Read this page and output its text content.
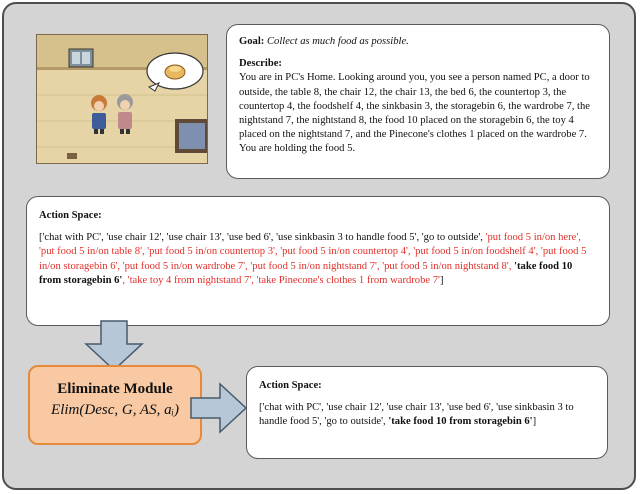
Goal: Collect as much food as possible.
Describe:
You are in PC's Home. Looking around you, you see a person named PC, a door to outside, the table 8, the chair 12, the chair 13, the bed 6, the countertop 3, the countertop 4, the foodshelf 4, the sinkbasin 3, the storagebin 6, the wardrobe 7, the nightstand 7, the nightstand 8, the food 10 placed on the storagebin 6, the toy 4 placed on the nightstand 7, and the Pinecone's clothes 1 placed on the wardrobe 7. You are holding the food 5.
Action Space:
['chat with PC', 'use chair 12', 'use chair 13', 'use bed 6', 'use sinkbasin 3 to handle food 5', 'go to outside', 'put food 5 in/on here', 'put food 5 in/on table 8', 'put food 5 in/on countertop 3', 'put food 5 in/on countertop 4', 'put food 5 in/on foodshelf 4', 'put food 5 in/on storagebin 6', 'put food 5 in/on wardrobe 7', 'put food 5 in/on nightstand 7', 'put food 5 in/on nightstand 8', 'take food 10 from storagebin 6', 'take toy 4 from nightstand 7', 'take Pinecone's clothes 1 from wardrobe 7']
Eliminate Module
Elim(Desc, G, AS, aᵢ)
Action Space:
['chat with PC', 'use chair 12', 'use chair 13', 'use bed 6', 'use sinkbasin 3 to handle food 5', 'go to outside', 'take food 10 from storagebin 6']
